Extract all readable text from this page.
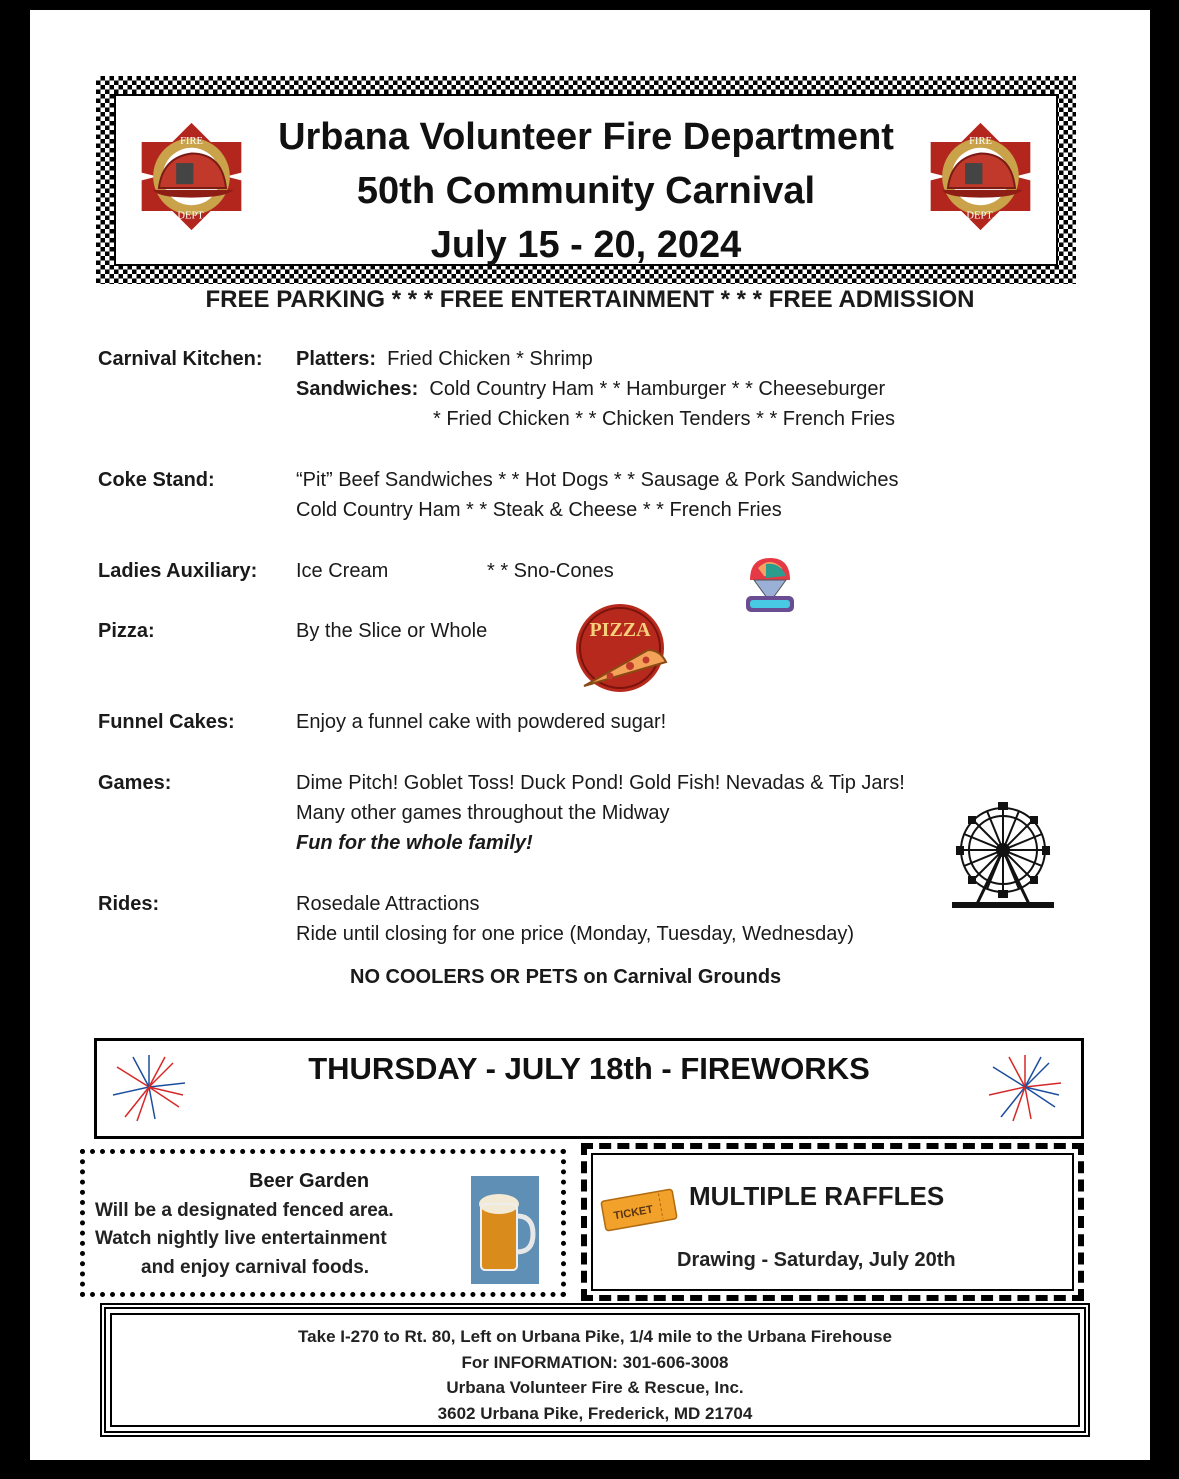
Urbana Volunteer Fire Department
50th Community Carnival
July 15 - 20, 2024
FIRE
DEPT.
FIRE
DEPT.
FREE PARKING * * * FREE ENTERTAINMENT * * * FREE ADMISSION
Carnival Kitchen: Platters: Fried Chicken * Shrimp
Sandwiches: Cold Country Ham * * Hamburger * * Cheeseburger
* Fried Chicken * * Chicken Tenders * * French Fries
Coke Stand:	“Pit” Beef Sandwiches * * Hot Dogs * * Sausage & Pork Sandwiches
Cold Country Ham * * Steak & Cheese * * French Fries
Ladies Auxiliary: Ice Cream	* * Sno-Cones
Pizza:	By the Slice or Whole	PIZZA
Funnel Cakes:	Enjoy a funnel cake with powdered sugar!
Games:	Dime Pitch! Goblet Toss! Duck Pond! Gold Fish! Nevadas & Tip Jars!
Many other games throughout the Midway
Fun for the whole family!
Rides:	Rosedale Attractions
Ride until closing for one price (Monday, Tuesday, Wednesday)
NO COOLERS OR PETS on Carnival Grounds
THURSDAY - JULY 18th - FIREWORKS
Beer Garden
Will be a designated fenced area.
Watch nightly live entertainment
and enjoy carnival foods.
MULTIPLE RAFFLES
Drawing - Saturday, July 20th
TICKET
Take I-270 to Rt. 80, Left on Urbana Pike, 1/4 mile to the Urbana Firehouse
For INFORMATION: 301-606-3008
Urbana Volunteer Fire & Rescue, Inc.
3602 Urbana Pike, Frederick, MD 21704
